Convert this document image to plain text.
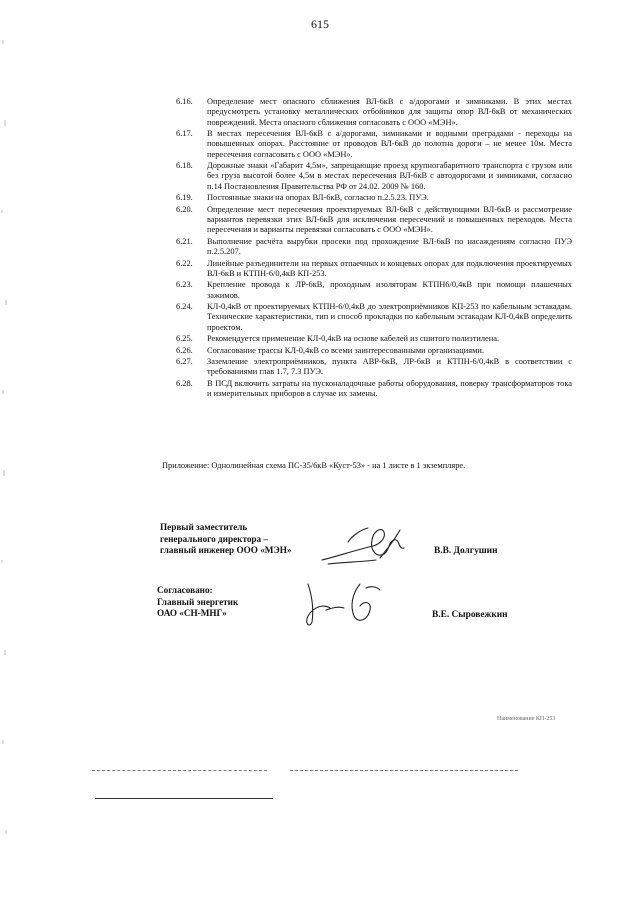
615
6.16. Определение мест опасного сближения ВЛ-6кВ с а/дорогами и зимниками. В этих местах предусмотреть установку металлических отбойников для защиты опор ВЛ-6кВ от механических повреждений. Места опасного сближения согласовать с ООО «МЭН».
6.17. В местах пересечения ВЛ-6кВ с а/дорогами, зимниками и водными преградами - переходы на повышенных опорах. Расстояние от проводов ВЛ-6кВ до полотна дороги – не менее 10м. Места пересечения согласовать с ООО «МЭН».
6.18. Дорожные знаки «Габарит 4,5м», запрещающие проезд крупногабаритного транспорта с грузом или без груза высотой более 4,5м в местах пересечения ВЛ-6кВ с автодорогами и зимниками, согласно п.14 Постановления Правительства РФ от 24.02. 2009 № 160.
6.19. Постоянные знаки на опорах ВЛ-6кВ, согласно п.2.5.23. ПУЭ.
6.20. Определение мест пересечения проектируемых ВЛ-6кВ с действующими ВЛ-6кВ и рассмотрение вариантов перевязки этих ВЛ-6кВ для исключения пересечений и повышенных переходов. Места пересечения и варианты перевязки согласовать с ООО «МЭН».
6.21. Выполнение расчёта вырубки просеки под прохождение ВЛ-6кВ по насаждениям согласно ПУЭ п.2.5.207.
6.22. Линейные разъединители на первых отпаечных и концевых опорах для подключения проектируемых ВЛ-6кВ и КТПН-6/0,4кВ КП-253.
6.23. Крепление провода к ЛР-6кВ, проходным изоляторам КТПН6/0,4кВ при помощи плашечных зажимов.
6.24. КЛ-0,4кВ от проектируемых КТПН-6/0,4кВ до электроприёмников КП-253 по кабельным эстакадам. Технические характеристики, тип и способ прокладки по кабельным эстакадам КЛ-0,4кВ определить проектом.
6.25. Рекомендуется применение КЛ-0,4кВ на основе кабелей из сшитого полиэтилена.
6.26. Согласование трассы КЛ-0,4кВ со всеми заинтересованными организациями.
6.27. Заземление электроприёмников, пункта АВР-6кВ, ЛР-6кВ и КТПН-6/0,4кВ в соответствии с требованиями глав 1.7, 7.3 ПУЭ.
6.28. В ПСД включить затраты на пусконаладочные работы оборудования, поверку трансформаторов тока и измерительных приборов в случае их замены.
Приложение: Однолинейная схема ПС-35/6кВ «Куст-53» - на 1 листе в 1 экземпляре.
Первый заместитель
генерального директора –
главный инженер ООО «МЭН»	В.В. Долгушин
Согласовано:
Главный энергетик
ОАО «СН-МНГ»	В.Е. Сыровежкин
Наименование КП-253
